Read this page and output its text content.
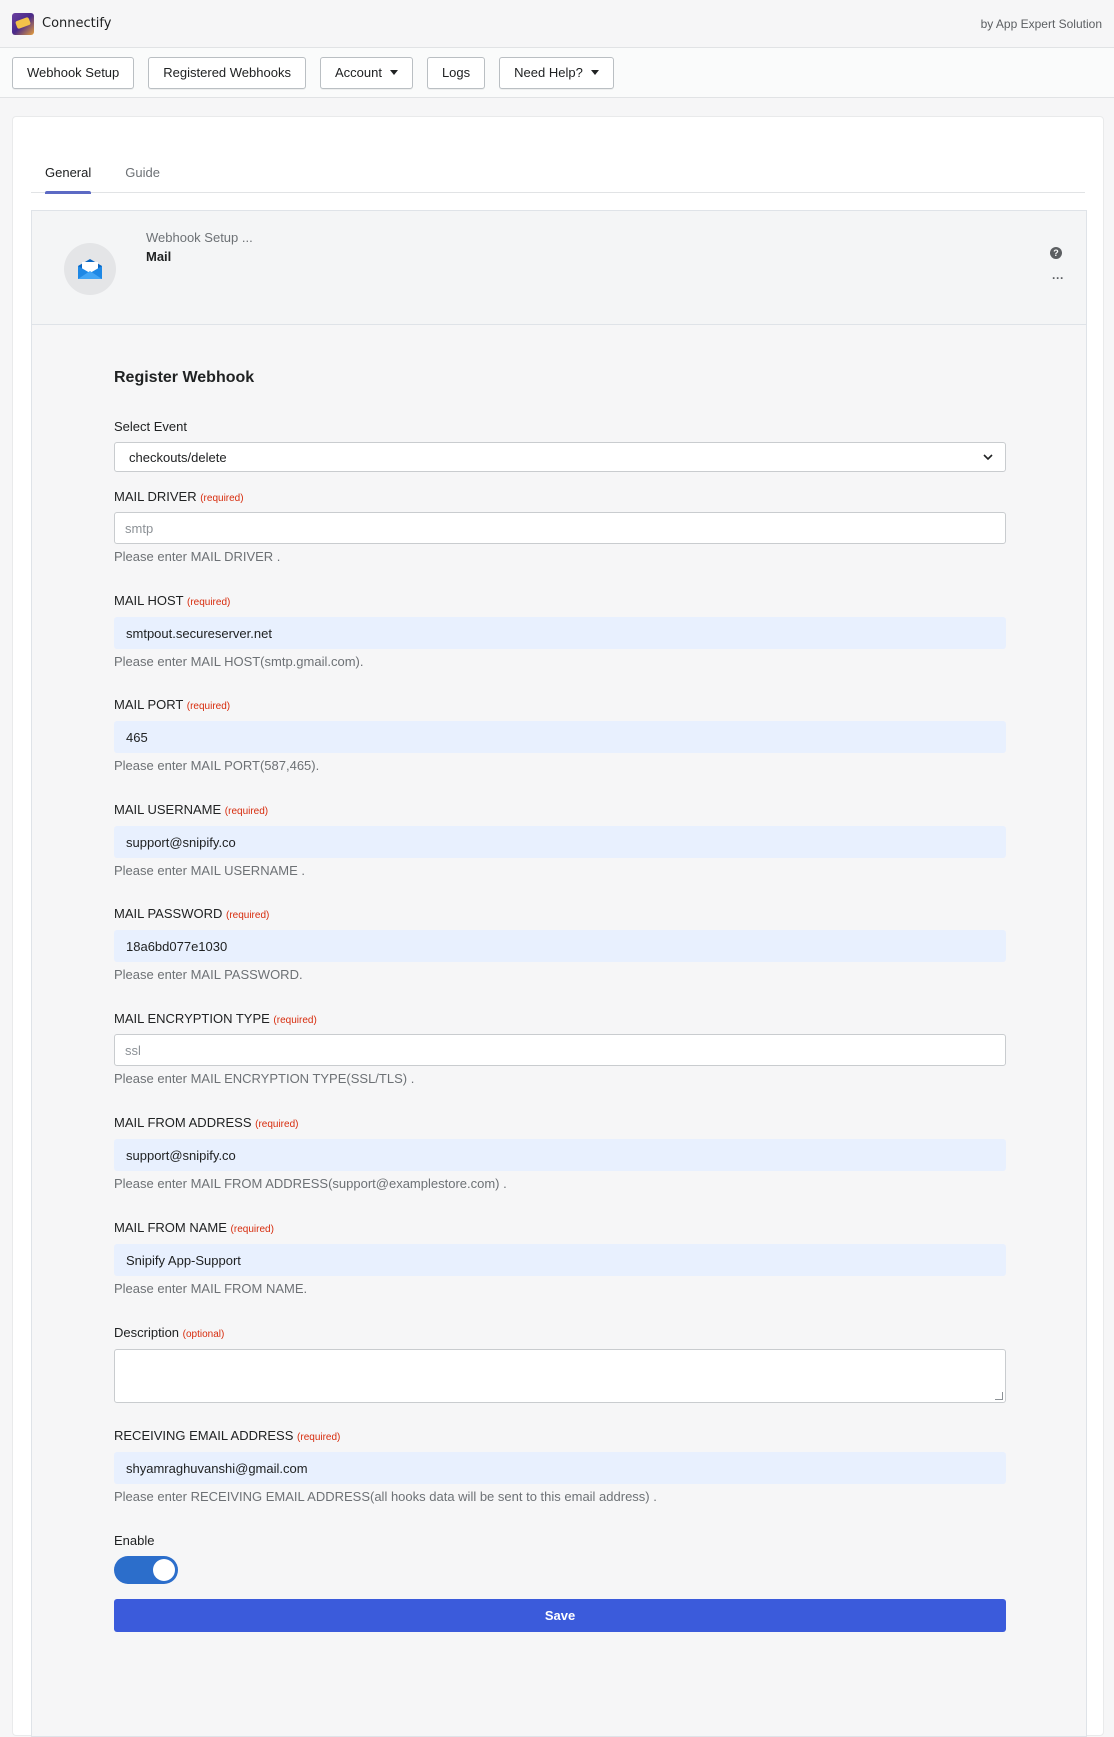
Connectify	by App Expert Solution
Webhook Setup	Registered Webhooks	Account	Logs	Need Help?
General	Guide
Webhook Setup ...
Mail	?
···
Register Webhook
Select Event
checkouts/delete
MAIL DRIVER (required)
smtp
Please enter MAIL DRIVER .
MAIL HOST (required)
smtpout.secureserver.net
Please enter MAIL HOST(smtp.gmail.com).
MAIL PORT (required)
465
Please enter MAIL PORT(587,465).
MAIL USERNAME (required)
support@snipify.co
Please enter MAIL USERNAME .
MAIL PASSWORD (required)
18a6bd077e1030
Please enter MAIL PASSWORD.
MAIL ENCRYPTION TYPE (required)
ssl
Please enter MAIL ENCRYPTION TYPE(SSL/TLS) .
MAIL FROM ADDRESS (required)
support@snipify.co
Please enter MAIL FROM ADDRESS(support@examplestore.com) .
MAIL FROM NAME (required)
Snipify App-Support
Please enter MAIL FROM NAME.
Description (optional)
RECEIVING EMAIL ADDRESS (required)
shyamraghuvanshi@gmail.com
Please enter RECEIVING EMAIL ADDRESS(all hooks data will be sent to this email address) .
Enable
Save
